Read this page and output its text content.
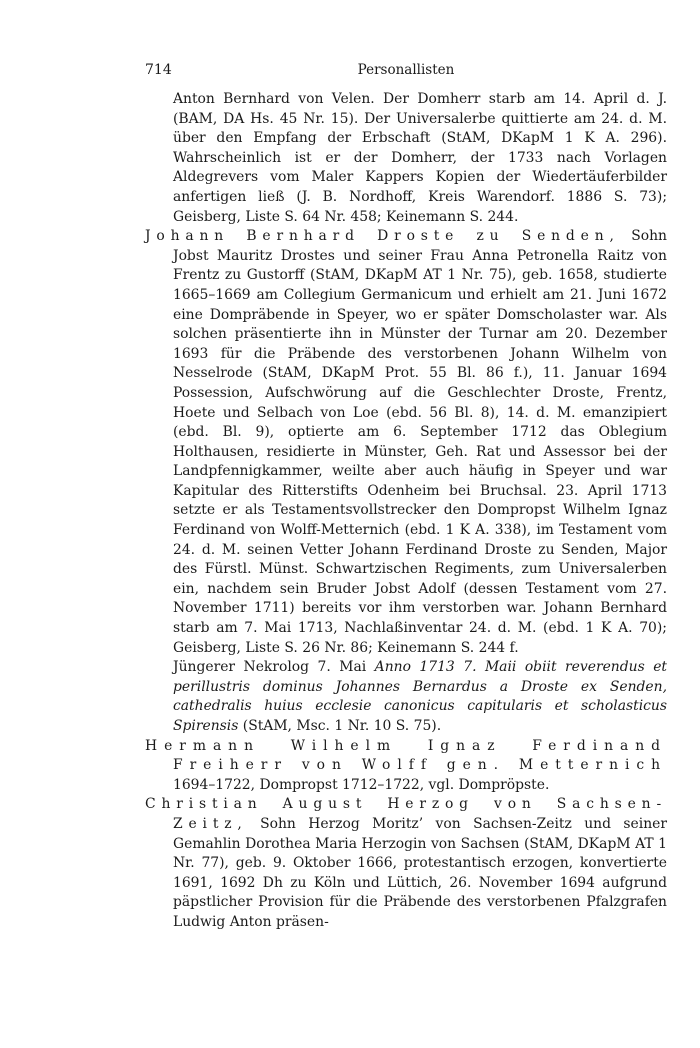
714	Personallisten

Anton Bernhard von Velen. Der Domherr starb am 14. April d. J. (BAM, DA Hs. 45 Nr. 15). Der Universalerbe quittierte am 24. d. M. über den Empfang der Erbschaft (StAM, DKapM 1 K A. 296). Wahrscheinlich ist er der Domherr, der 1733 nach Vorlagen Aldegrevers vom Maler Kappers Kopien der Wiedertäuferbilder anfertigen ließ (J. B. Nordhoff, Kreis Warendorf. 1886 S. 73); Geisberg, Liste S. 64 Nr. 458; Keinemann S. 244.

Johann Bernhard Droste zu Senden, Sohn Jobst Mauritz Drostes und seiner Frau Anna Petronella Raitz von Frentz zu Gustorff (StAM, DKapM AT 1 Nr. 75), geb. 1658, studierte 1665–1669 am Collegium Germanicum und erhielt am 21. Juni 1672 eine Dompräbende in Speyer, wo er später Domscholaster war. Als solchen präsentierte ihn in Münster der Turnar am 20. Dezember 1693 für die Präbende des verstorbenen Johann Wilhelm von Nesselrode (StAM, DKapM Prot. 55 Bl. 86 f.), 11. Januar 1694 Possession, Aufschwörung auf die Geschlechter Droste, Frentz, Hoete und Selbach von Loe (ebd. 56 Bl. 8), 14. d. M. emanzipiert (ebd. Bl. 9), optierte am 6. September 1712 das Oblegium Holthausen, residierte in Münster, Geh. Rat und Assessor bei der Landpfennigkammer, weilte aber auch häufig in Speyer und war Kapitular des Ritterstifts Odenheim bei Bruchsal. 23. April 1713 setzte er als Testamentsvollstrecker den Dompropst Wilhelm Ignaz Ferdinand von Wolff-Metternich (ebd. 1 K A. 338), im Testament vom 24. d. M. seinen Vetter Johann Ferdinand Droste zu Senden, Major des Fürstl. Münst. Schwartzischen Regiments, zum Universalerben ein, nachdem sein Bruder Jobst Adolf (dessen Testament vom 27. November 1711) bereits vor ihm verstorben war. Johann Bernhard starb am 7. Mai 1713, Nachlaßinventar 24. d. M. (ebd. 1 K A. 70); Geisberg, Liste S. 26 Nr. 86; Keinemann S. 244 f.

Jüngerer Nekrolog 7. Mai Anno 1713 7. Maii obiit reverendus et perillustris dominus Johannes Bernardus a Droste ex Senden, cathedralis huius ecclesie canonicus capitularis et scholasticus Spirensis (StAM, Msc. 1 Nr. 10 S. 75).

Hermann Wilhelm Ignaz Ferdinand Freiherr von Wolff gen. Metternich 1694–1722, Dompropst 1712–1722, vgl. Dompröpste.

Christian August Herzog von Sachsen-Zeitz, Sohn Herzog Moritz’ von Sachsen-Zeitz und seiner Gemahlin Dorothea Maria Herzogin von Sachsen (StAM, DKapM AT 1 Nr. 77), geb. 9. Oktober 1666, protestantisch erzogen, konvertierte 1691, 1692 Dh zu Köln und Lüttich, 26. November 1694 aufgrund päpstlicher Provision für die Präbende des verstorbenen Pfalzgrafen Ludwig Anton präsen-
